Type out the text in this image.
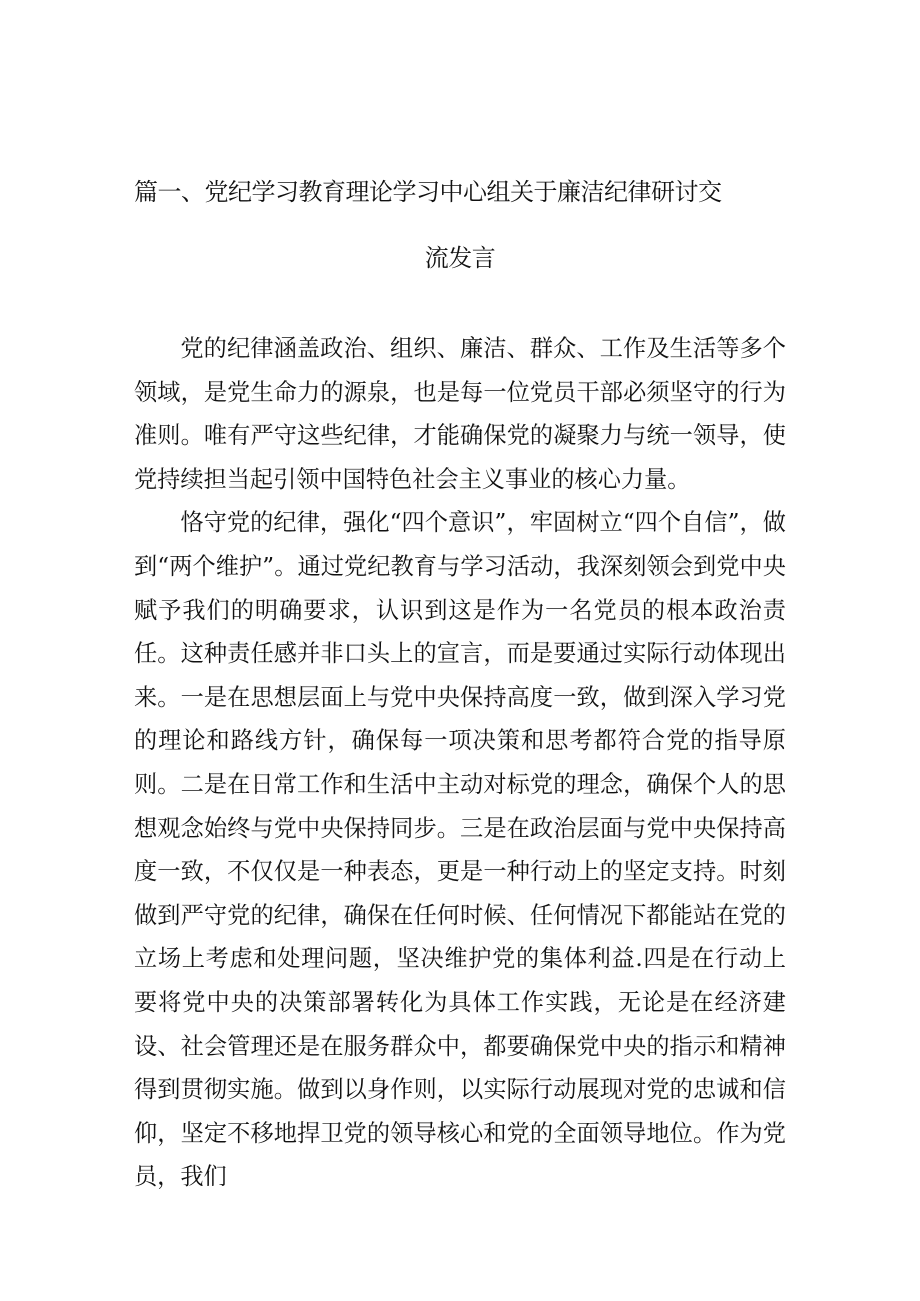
篇一、党纪学习教育理论学习中心组关于廉洁纪律研讨交
流发言

党的纪律涵盖政治、组织、廉洁、群众、工作及生活等多个领域，是党生命力的源泉，也是每一位党员干部必须坚守的行为准则。唯有严守这些纪律，才能确保党的凝聚力与统一领导，使党持续担当起引领中国特色社会主义事业的核心力量。

恪守党的纪律，强化“四个意识”，牢固树立“四个自信”，做到“两个维护”。通过党纪教育与学习活动，我深刻领会到党中央赋予我们的明确要求，认识到这是作为一名党员的根本政治责任。这种责任感并非口头上的宣言，而是要通过实际行动体现出来。一是在思想层面上与党中央保持高度一致，做到深入学习党的理论和路线方针，确保每一项决策和思考都符合党的指导原则。二是在日常工作和生活中主动对标党的理念，确保个人的思想观念始终与党中央保持同步。三是在政治层面与党中央保持高度一致，不仅仅是一种表态，更是一种行动上的坚定支持。时刻做到严守党的纪律，确保在任何时候、任何情况下都能站在党的立场上考虑和处理问题，坚决维护党的集体利益.四是在行动上要将党中央的决策部署转化为具体工作实践，无论是在经济建设、社会管理还是在服务群众中，都要确保党中央的指示和精神得到贯彻实施。做到以身作则，以实际行动展现对党的忠诚和信仰，坚定不移地捍卫党的领导核心和党的全面领导地位。作为党员，我们
